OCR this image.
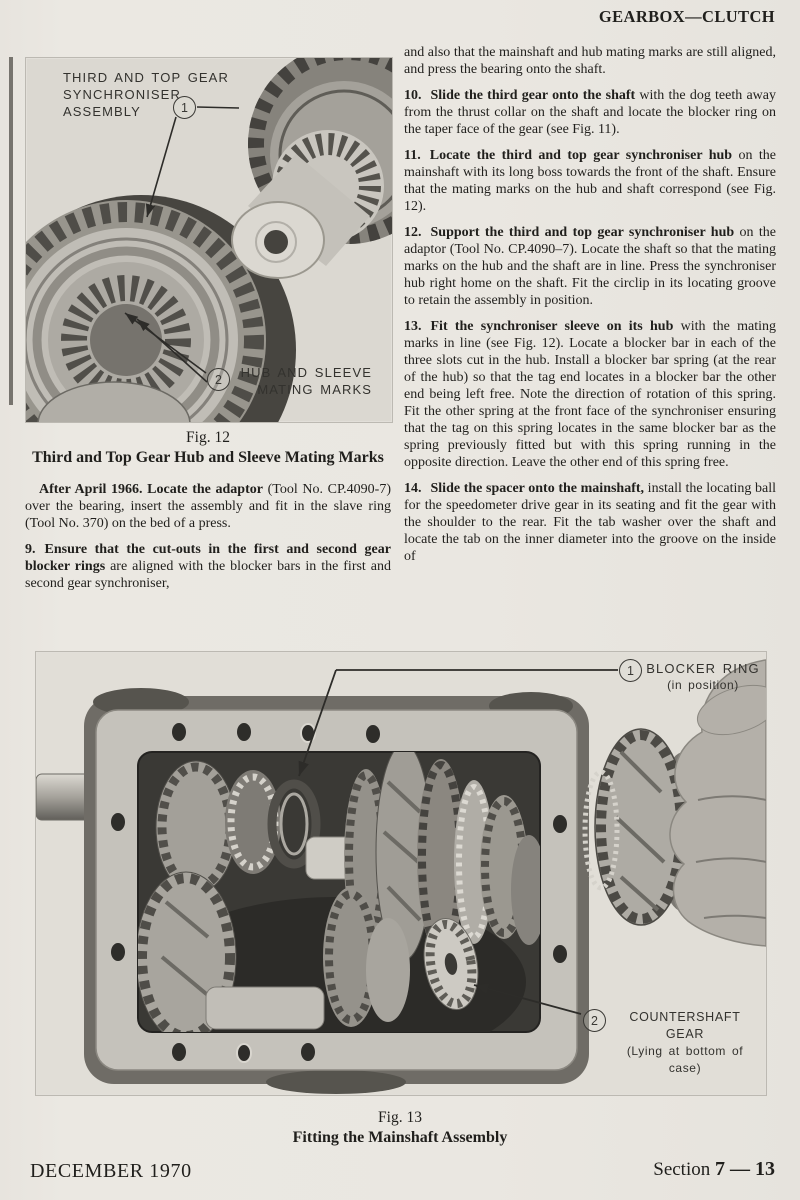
GEARBOX—CLUTCH
THIRD AND TOP GEAR
SYNCHRONISER
ASSEMBLY	1
2	HUB AND SLEEVE
MATING MARKS
Fig. 12
Third and Top Gear Hub and Sleeve Mating Marks

After April 1966. Locate the adaptor (Tool No. CP.4090-7) over the bearing, insert the assembly and fit in the slave ring (Tool No. 370) on the bed of a press.

9. Ensure that the cut-outs in the first and second gear blocker rings are aligned with the blocker bars in the first and second gear synchroniser,

and also that the mainshaft and hub mating marks are still aligned, and press the bearing onto the shaft.

10. Slide the third gear onto the shaft with the dog teeth away from the thrust collar on the shaft and locate the blocker ring on the taper face of the gear (see Fig. 11).

11. Locate the third and top gear synchroniser hub on the mainshaft with its long boss towards the front of the shaft. Ensure that the mating marks on the hub and shaft correspond (see Fig. 12).

12. Support the third and top gear synchroniser hub on the adaptor (Tool No. CP.4090–7). Locate the shaft so that the mating marks on the hub and the shaft are in line. Press the synchroniser hub right home on the shaft. Fit the circlip in its locating groove to retain the assembly in position.

13. Fit the synchroniser sleeve on its hub with the mating marks in line (see Fig. 12). Locate a blocker bar in each of the three slots cut in the hub. Install a blocker bar spring (at the rear of the hub) so that the tag end locates in a blocker bar the other end being left free. Note the direction of rotation of this spring. Fit the other spring at the front face of the synchroniser ensuring that the tag on this spring locates in the same blocker bar as the spring previously fitted but with this spring running in the opposite direction. Leave the other end of this spring free.

14. Slide the spacer onto the mainshaft, install the locating ball for the speedometer drive gear in its seating and fit the gear with the shoulder to the rear. Fit the tab washer over the shaft and locate the tab on the inner diameter into the groove on the inside of

1 BLOCKER RING
(in position)
2	COUNTERSHAFT GEAR
(Lying at bottom of case)
Fig. 13
Fitting the Mainshaft Assembly
DECEMBER 1970	Section 7 — 13
